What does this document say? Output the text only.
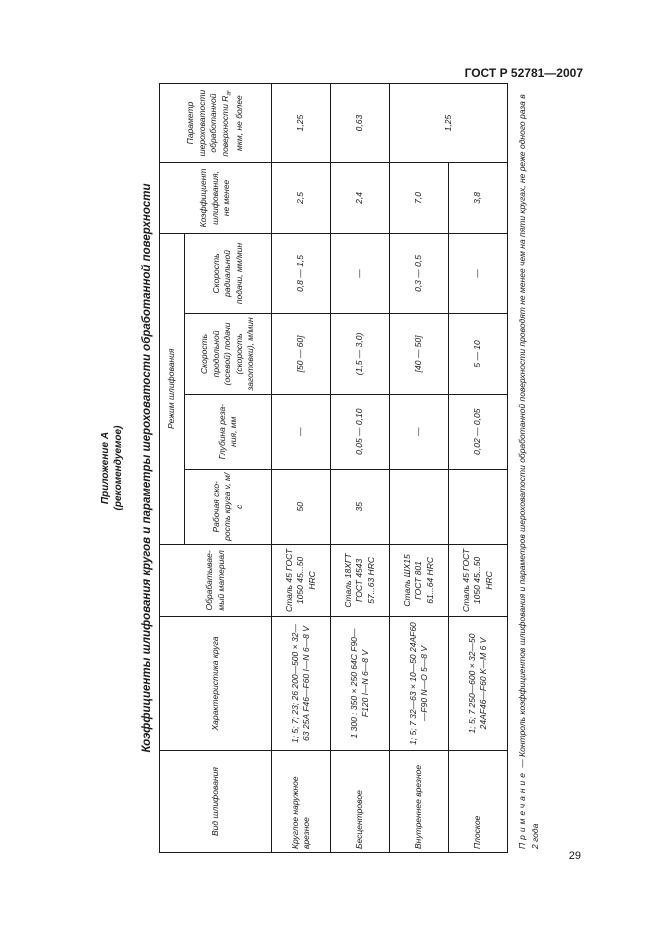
ГОСТ Р 52781—2007
Приложение А (рекомендуемое) Коэффициенты шлифования кругов и параметры шероховатости обработанной поверхности
Вид шлифования	Характеристика круга	Обрабатывае-мый материал	Режим шлифования				Коэффициент шлифования, не менее	Параметр шероховатости обработанной поверхности $R_a$, мкм, не более
			Рабочая ско-рость круга v, м/с	Глубина реза-ния, мм	Скорость продольной (осевой) подачи (скорость заготовки), м/мин	Скорость радиальной подачи, мм/мин		
Круглое наружное врезное	1; 5; 7; 23; 26 200—500 × 32—63 25А F46—F60 I—N 6—8 V	Сталь 45 ГОСТ 1050 45...50 HRC	50	—	[50 — 60]	0,8 — 1,5	2,5	1,25
Бесцентровое	1 300 : 350 × 250 64С F90—F120 I—N 6—8 V	Сталь 18ХГТ ГОСТ 4543 57...63 HRC	35	0,05 — 0,10	(1,5 — 3,0)	—	2,4	0,63
Внутреннее врезное	1; 5; 7 32—63 × 10—50 24AF60—F90 N—O 5—8 V	Сталь ШХ15 ГОСТ 801 61...64 HRC		—	[40 — 50]	0,3 — 0,5	7,0	1,25
Плоское	1; 5; 7 250—600 × 32—50 24AF46—F60 K—M 6 V	Сталь 45 ГОСТ 1050 45...50 HRC		0,02 — 0,05	5 — 10	—	3,8	
Примечание — Контроль коэффициентов шлифования и параметров шероховатости обработанной поверхности проводят не менее чем на пяти кругах, не реже одного раза в 2 года
29
